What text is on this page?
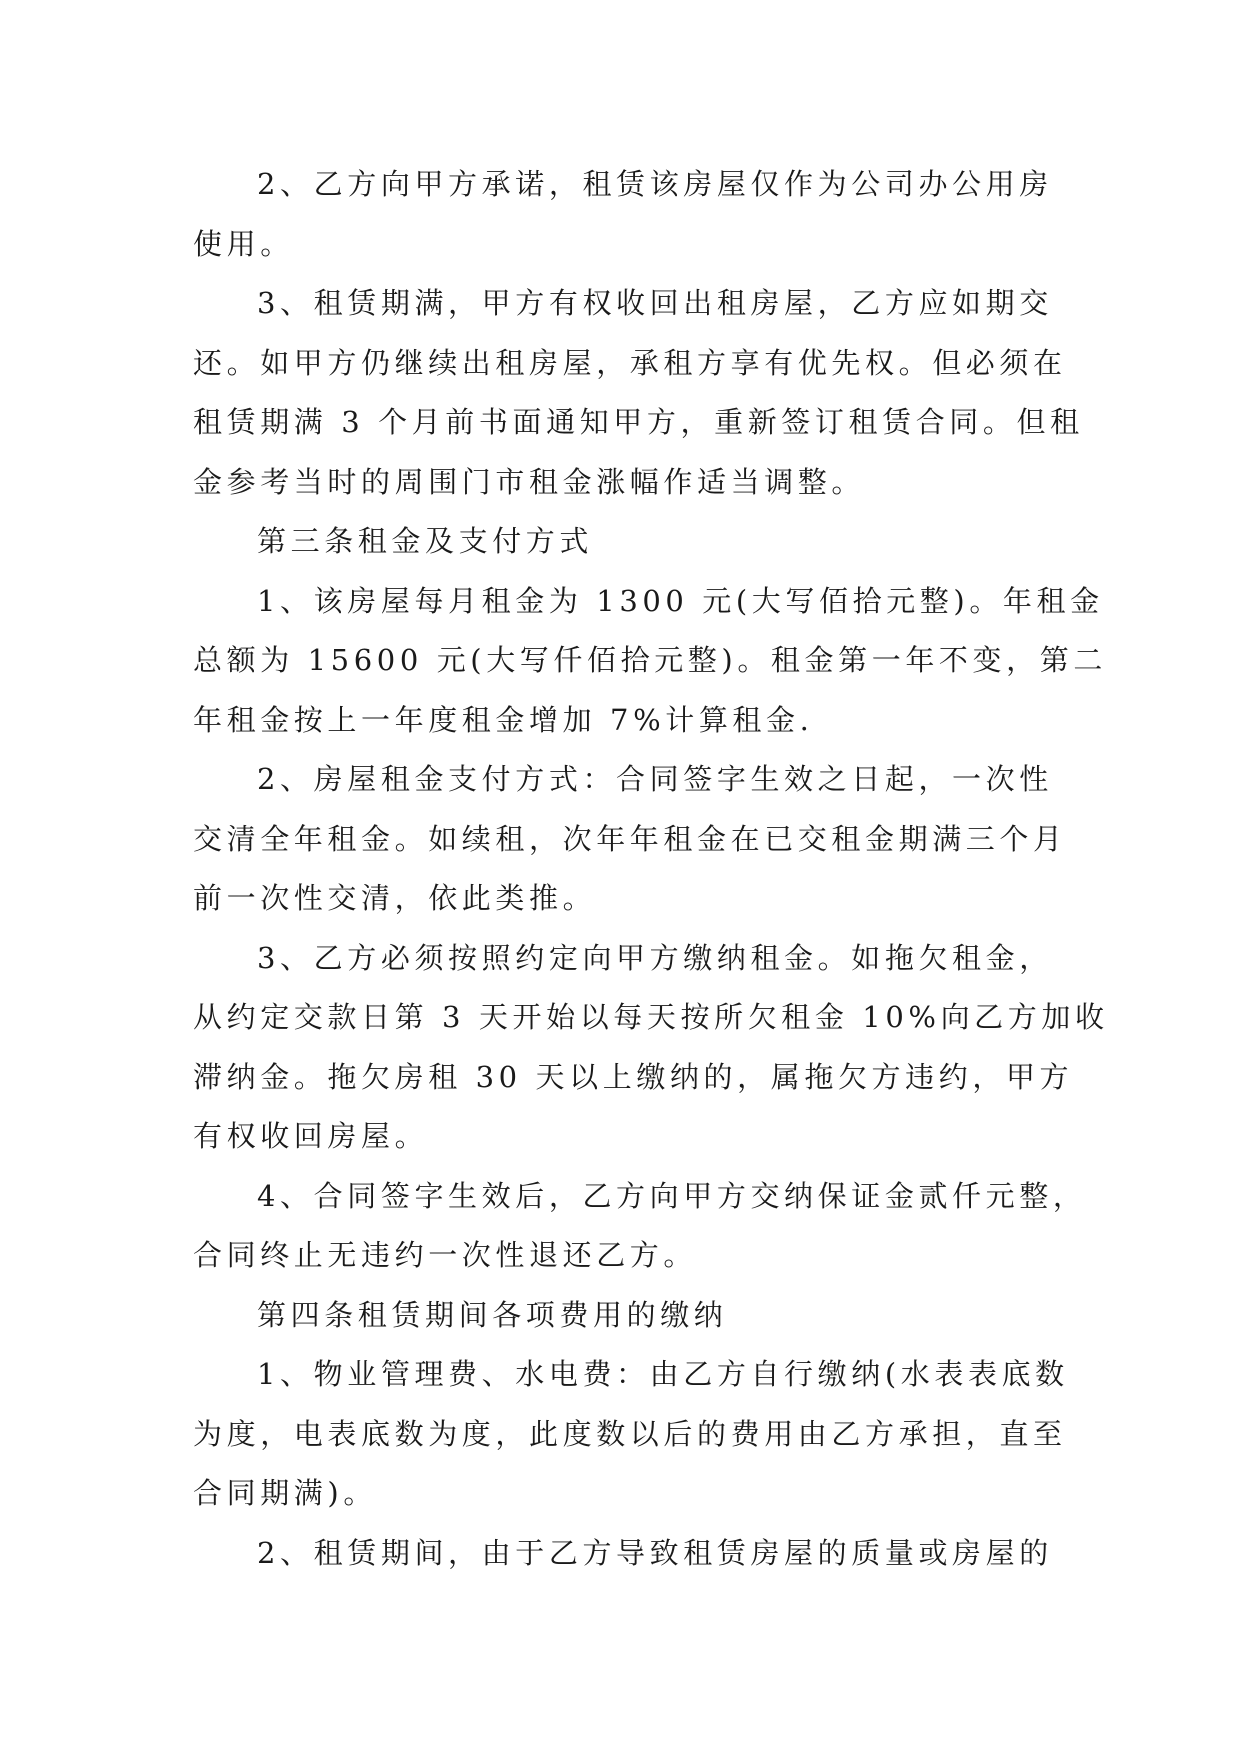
2、乙方向甲方承诺，租赁该房屋仅作为公司办公用房
使用。
3、租赁期满，甲方有权收回出租房屋，乙方应如期交
还。如甲方仍继续出租房屋，承租方享有优先权。但必须在
租赁期满 3 个月前书面通知甲方，重新签订租赁合同。但租
金参考当时的周围门市租金涨幅作适当调整。
第三条租金及支付方式
1、该房屋每月租金为 1300 元(大写佰拾元整)。年租金
总额为 15600 元(大写仟佰拾元整)。租金第一年不变，第二
年租金按上一年度租金增加 7%计算租金.
2、房屋租金支付方式：合同签字生效之日起，一次性
交清全年租金。如续租，次年年租金在已交租金期满三个月
前一次性交清，依此类推。
3、乙方必须按照约定向甲方缴纳租金。如拖欠租金，
从约定交款日第 3 天开始以每天按所欠租金 10%向乙方加收
滞纳金。拖欠房租 30 天以上缴纳的，属拖欠方违约，甲方
有权收回房屋。
4、合同签字生效后，乙方向甲方交纳保证金贰仟元整，
合同终止无违约一次性退还乙方。
第四条租赁期间各项费用的缴纳
1、物业管理费、水电费：由乙方自行缴纳(水表表底数
为度，电表底数为度，此度数以后的费用由乙方承担，直至
合同期满)。
2、租赁期间，由于乙方导致租赁房屋的质量或房屋的
